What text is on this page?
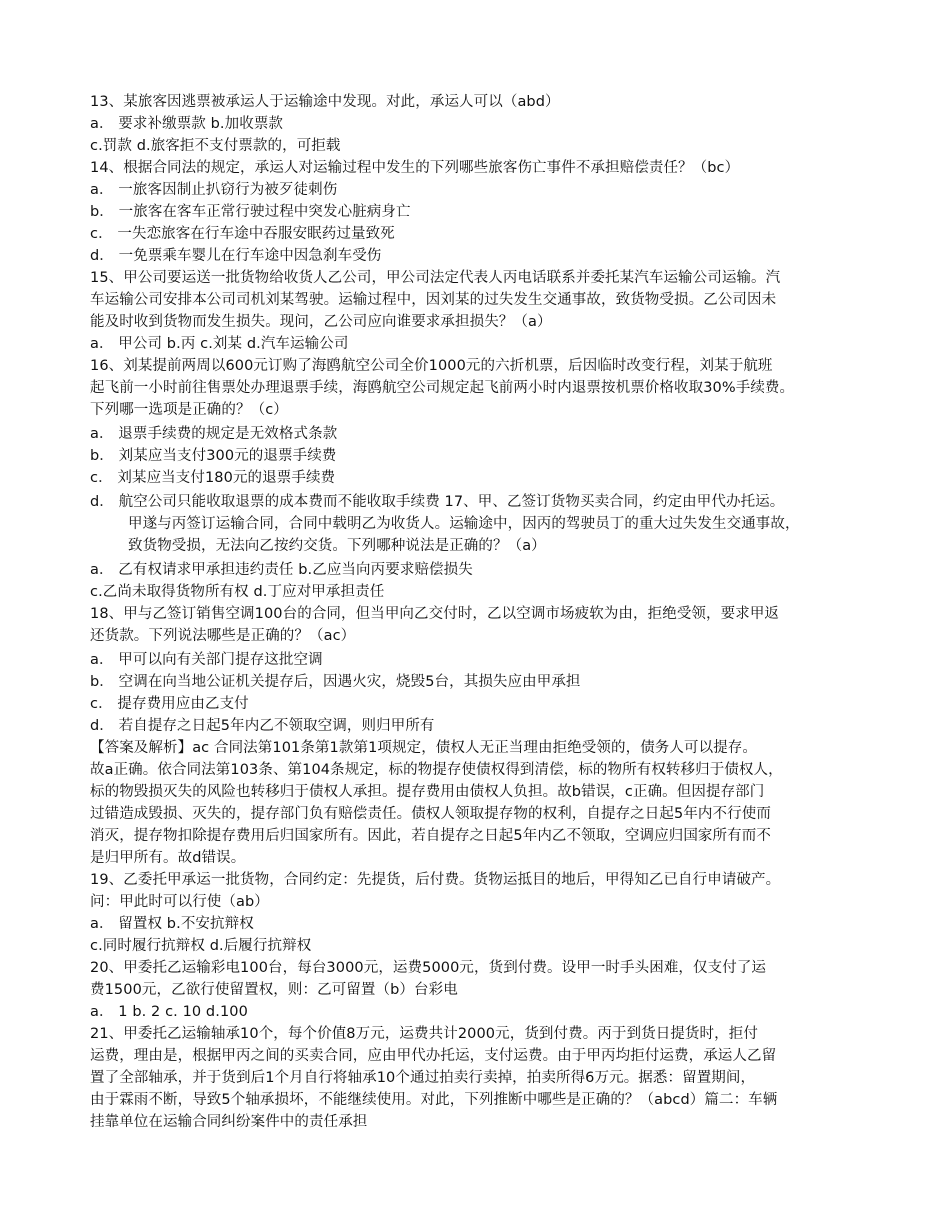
13、某旅客因逃票被承运人于运输途中发现。对此，承运人可以（abd）
a． 要求补缴票款 b.加收票款
c.罚款 d.旅客拒不支付票款的，可拒载
14、根据合同法的规定，承运人对运输过程中发生的下列哪些旅客伤亡事件不承担赔偿责任？（bc）
a． 一旅客因制止扒窃行为被歹徒刺伤
b． 一旅客在客车正常行驶过程中突发心脏病身亡
c． 一失恋旅客在行车途中吞服安眠药过量致死
d． 一免票乘车婴儿在行车途中因急刹车受伤
15、甲公司要运送一批货物给收货人乙公司，甲公司法定代表人丙电话联系并委托某汽车运输公司运输。汽
车运输公司安排本公司司机刘某驾驶。运输过程中，因刘某的过失发生交通事故，致货物受损。乙公司因未
能及时收到货物而发生损失。现问，乙公司应向谁要求承担损失？（a）
a． 甲公司 b.丙 c.刘某 d.汽车运输公司
16、刘某提前两周以600元订购了海鸥航空公司全价1000元的六折机票，后因临时改变行程，刘某于航班
起飞前一小时前往售票处办理退票手续，海鸥航空公司规定起飞前两小时内退票按机票价格收取30%手续费。
下列哪一选项是正确的？（c）
a． 退票手续费的规定是无效格式条款
b． 刘某应当支付300元的退票手续费
c． 刘某应当支付180元的退票手续费
d． 航空公司只能收取退票的成本费而不能收取手续费 17、甲、乙签订货物买卖合同，约定由甲代办托运。
甲遂与丙签订运输合同，合同中载明乙为收货人。运输途中，因丙的驾驶员丁的重大过失发生交通事故，
致货物受损，无法向乙按约交货。下列哪种说法是正确的？（a）
a． 乙有权请求甲承担违约责任 b.乙应当向丙要求赔偿损失
c.乙尚未取得货物所有权 d.丁应对甲承担责任
18、甲与乙签订销售空调100台的合同，但当甲向乙交付时，乙以空调市场疲软为由，拒绝受领，要求甲返
还货款。下列说法哪些是正确的？（ac）
a． 甲可以向有关部门提存这批空调
b． 空调在向当地公证机关提存后，因遇火灾，烧毁5台，其损失应由甲承担
c． 提存费用应由乙支付
d． 若自提存之日起5年内乙不领取空调，则归甲所有
【答案及解析】ac 合同法第101条第1款第1项规定，债权人无正当理由拒绝受领的，债务人可以提存。
故a正确。依合同法第103条、第104条规定，标的物提存使债权得到清偿，标的物所有权转移归于债权人，
标的物毁损灭失的风险也转移归于债权人承担。提存费用由债权人负担。故b错误，c正确。但因提存部门
过错造成毁损、灭失的，提存部门负有赔偿责任。债权人领取提存物的权利，自提存之日起5年内不行使而
消灭，提存物扣除提存费用后归国家所有。因此，若自提存之日起5年内乙不领取，空调应归国家所有而不
是归甲所有。故d错误。
19、乙委托甲承运一批货物，合同约定：先提货，后付费。货物运抵目的地后，甲得知乙已自行申请破产。
问：甲此时可以行使（ab）
a． 留置权 b.不安抗辩权
c.同时履行抗辩权 d.后履行抗辩权
20、甲委托乙运输彩电100台，每台3000元，运费5000元，货到付费。设甲一时手头困难，仅支付了运
费1500元，乙欲行使留置权，则：乙可留置（b）台彩电
a． 1 b. 2 c. 10 d.100
21、甲委托乙运输轴承10个，每个价值8万元，运费共计2000元，货到付费。丙于到货日提货时，拒付
运费，理由是，根据甲丙之间的买卖合同，应由甲代办托运，支付运费。由于甲丙均拒付运费，承运人乙留
置了全部轴承，并于货到后1个月自行将轴承10个通过拍卖行卖掉，拍卖所得6万元。据悉：留置期间，
由于霖雨不断，导致5个轴承损坏，不能继续使用。对此，下列推断中哪些是正确的？（abcd）篇二：车辆
挂靠单位在运输合同纠纷案件中的责任承担
